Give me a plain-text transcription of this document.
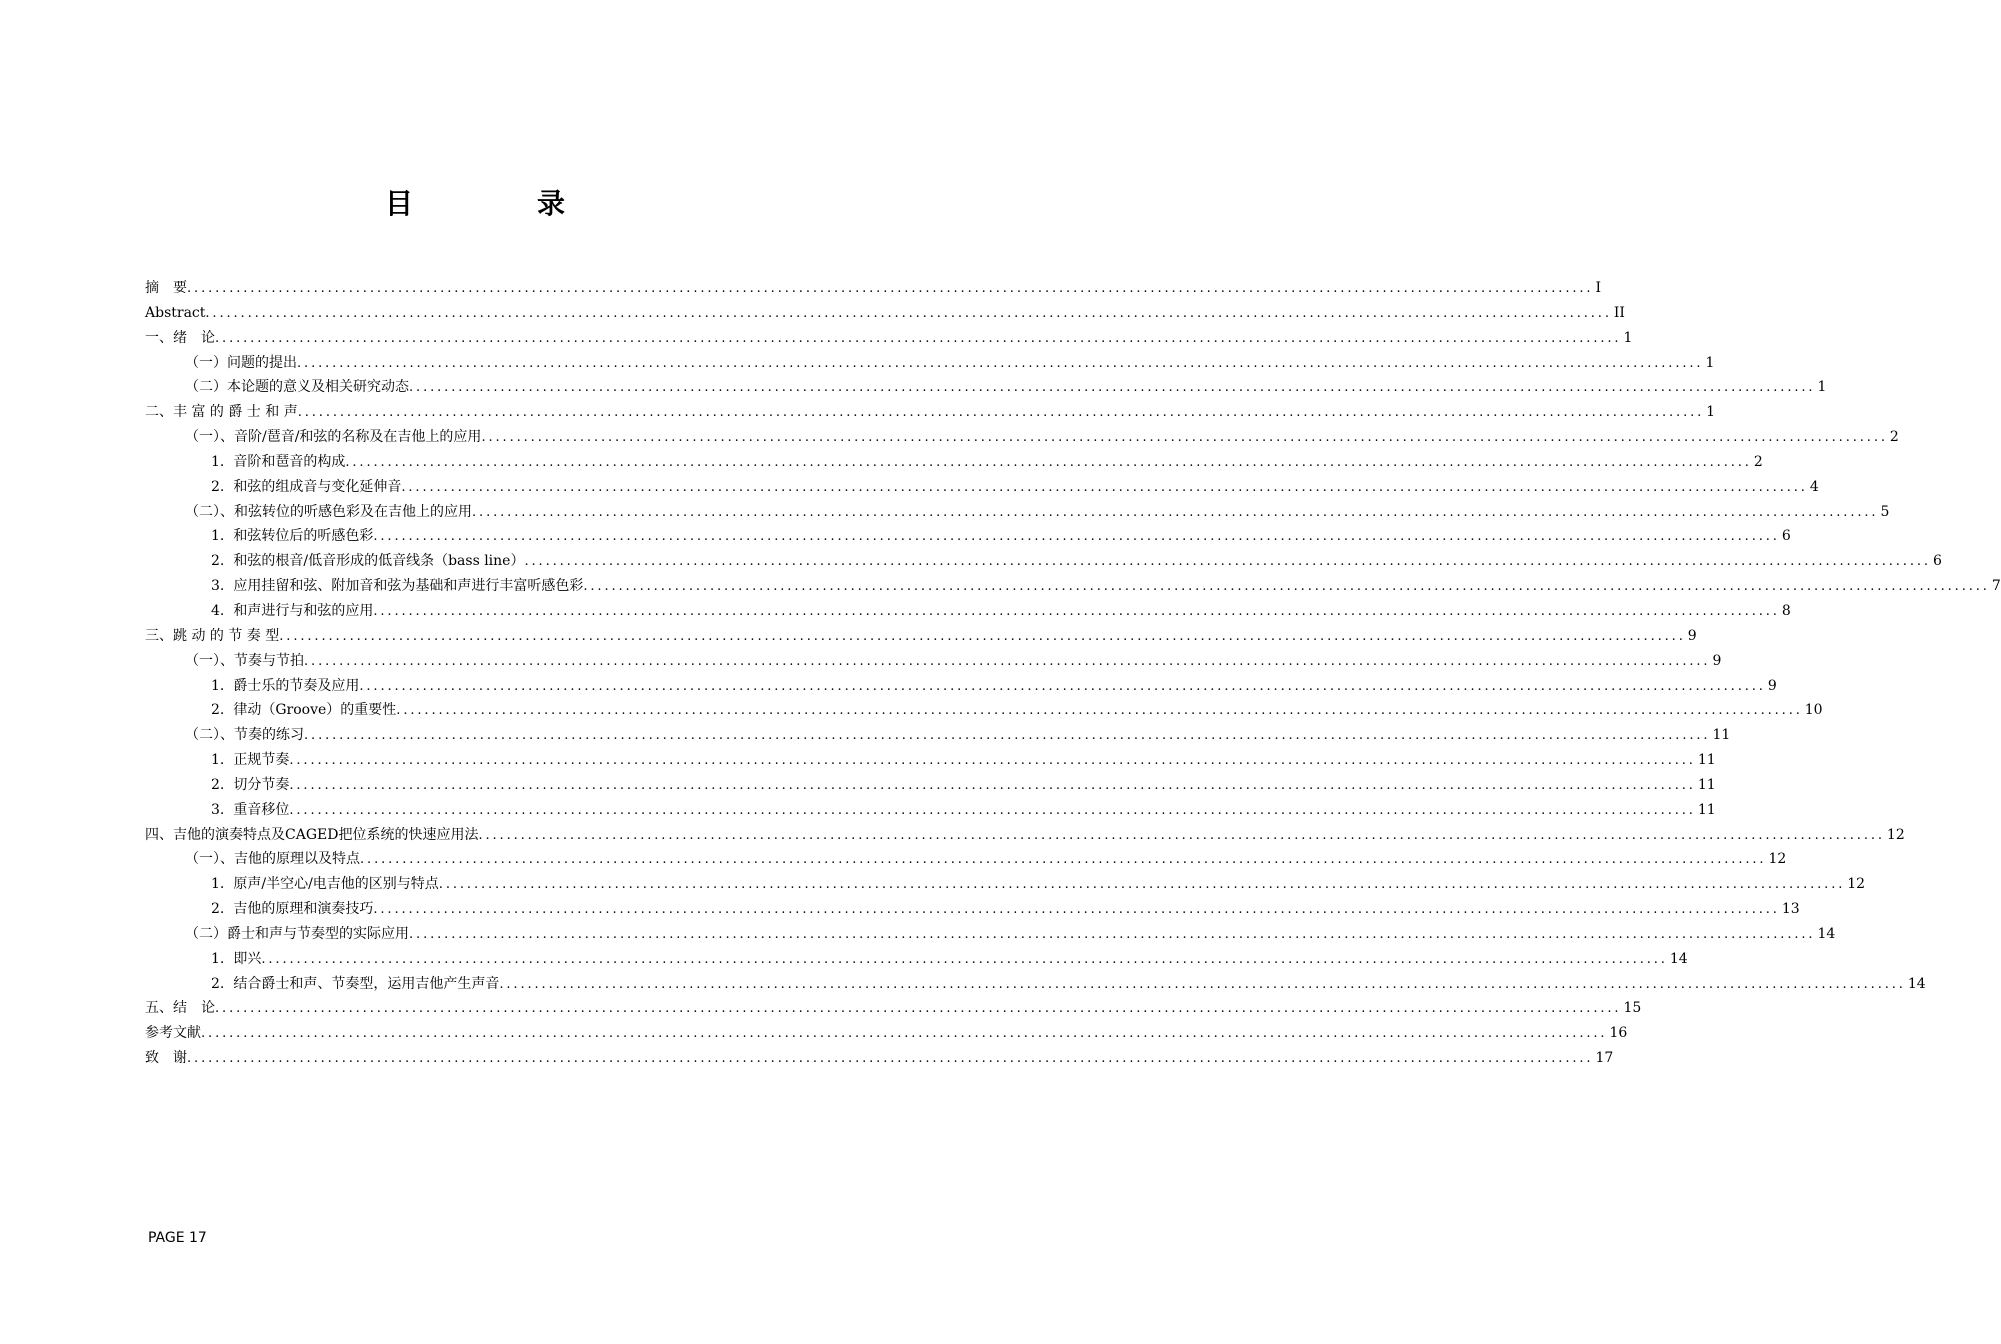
目　录
摘　要 ........................................................................................................................................................................................................ I
Abstract ........................................................................................................................................................................................................ II
一、绪　论 ........................................................................................................................................................................................................ 1
（一）问题的提出 ........................................................................................................................................................................................................ 1
（二）本论题的意义及相关研究动态 ........................................................................................................................................................................................................ 1
二、丰 富 的 爵 士 和 声 ........................................................................................................................................................................................................ 1
（一）、音阶/琶音/和弦的名称及在吉他上的应用 ........................................................................................................................................................................................................ 2
1. 音阶和琶音的构成 ........................................................................................................................................................................................................ 2
2. 和弦的组成音与变化延伸音 ........................................................................................................................................................................................................ 4
（二）、和弦转位的听感色彩及在吉他上的应用 ........................................................................................................................................................................................................ 5
1. 和弦转位后的听感色彩 ........................................................................................................................................................................................................ 6
2. 和弦的根音/低音形成的低音线条（bass line） ........................................................................................................................................................................................................ 6
3. 应用挂留和弦、附加音和弦为基础和声进行丰富听感色彩 ........................................................................................................................................................................................................ 7
4. 和声进行与和弦的应用 ........................................................................................................................................................................................................ 8
三、跳 动 的 节 奏 型 ........................................................................................................................................................................................................ 9
（一）、节奏与节拍 ........................................................................................................................................................................................................ 9
1. 爵士乐的节奏及应用 ........................................................................................................................................................................................................ 9
2. 律动（Groove）的重要性 ........................................................................................................................................................................................................ 10
（二）、节奏的练习 ........................................................................................................................................................................................................ 11
1. 正规节奏 ........................................................................................................................................................................................................ 11
2. 切分节奏 ........................................................................................................................................................................................................ 11
3. 重音移位 ........................................................................................................................................................................................................ 11
四、吉他的演奏特点及CAGED把位系统的快速应用法 ........................................................................................................................................................................................................ 12
（一）、吉他的原理以及特点 ........................................................................................................................................................................................................ 12
1. 原声/半空心/电吉他的区别与特点 ........................................................................................................................................................................................................ 12
2. 吉他的原理和演奏技巧 ........................................................................................................................................................................................................ 13
（二）爵士和声与节奏型的实际应用 ........................................................................................................................................................................................................ 14
1. 即兴 ........................................................................................................................................................................................................ 14
2. 结合爵士和声、节奏型，运用吉他产生声音 ........................................................................................................................................................................................................ 14
五、结　论 ........................................................................................................................................................................................................ 15
参考文献 ........................................................................................................................................................................................................ 16
致　谢 ........................................................................................................................................................................................................ 17
PAGE 17
